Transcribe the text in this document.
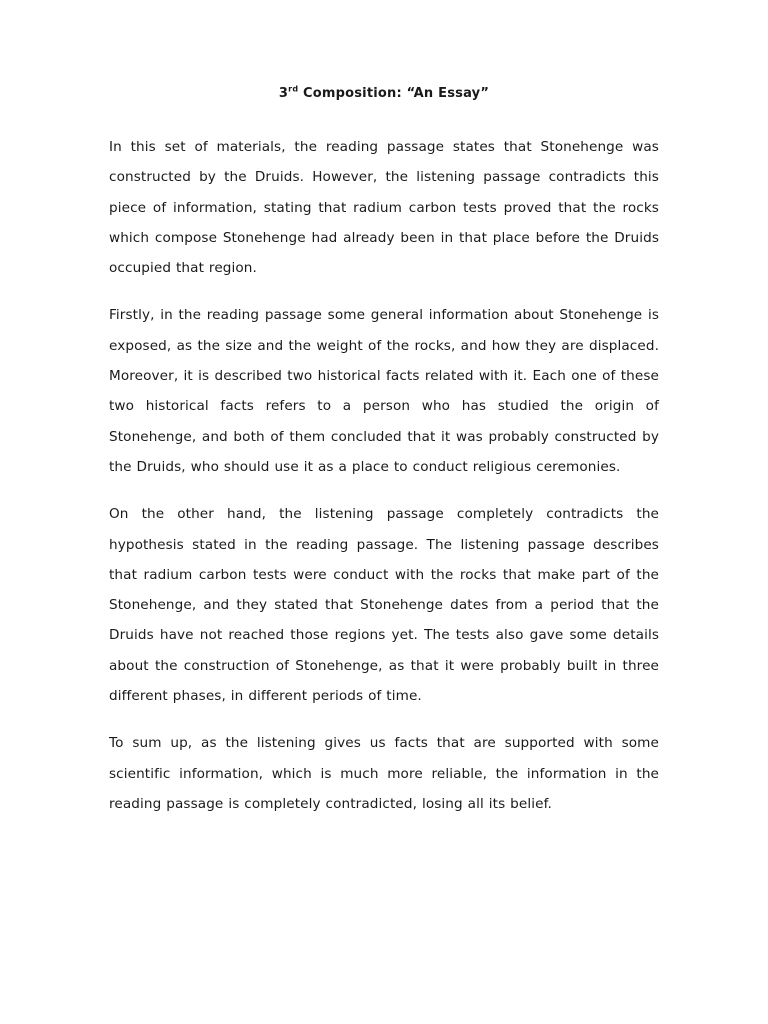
3rd Composition: “An Essay”

In this set of materials, the reading passage states that Stonehenge was constructed by the Druids. However, the listening passage contradicts this piece of information, stating that radium carbon tests proved that the rocks which compose Stonehenge had already been in that place before the Druids occupied that region.

Firstly, in the reading passage some general information about Stonehenge is exposed, as the size and the weight of the rocks, and how they are displaced. Moreover, it is described two historical facts related with it. Each one of these two historical facts refers to a person who has studied the origin of Stonehenge, and both of them concluded that it was probably constructed by the Druids, who should use it as a place to conduct religious ceremonies.

On the other hand, the listening passage completely contradicts the hypothesis stated in the reading passage. The listening passage describes that radium carbon tests were conduct with the rocks that make part of the Stonehenge, and they stated that Stonehenge dates from a period that the Druids have not reached those regions yet. The tests also gave some details about the construction of Stonehenge, as that it were probably built in three different phases, in different periods of time.

To sum up, as the listening gives us facts that are supported with some scientific information, which is much more reliable, the information in the reading passage is completely contradicted, losing all its belief.
